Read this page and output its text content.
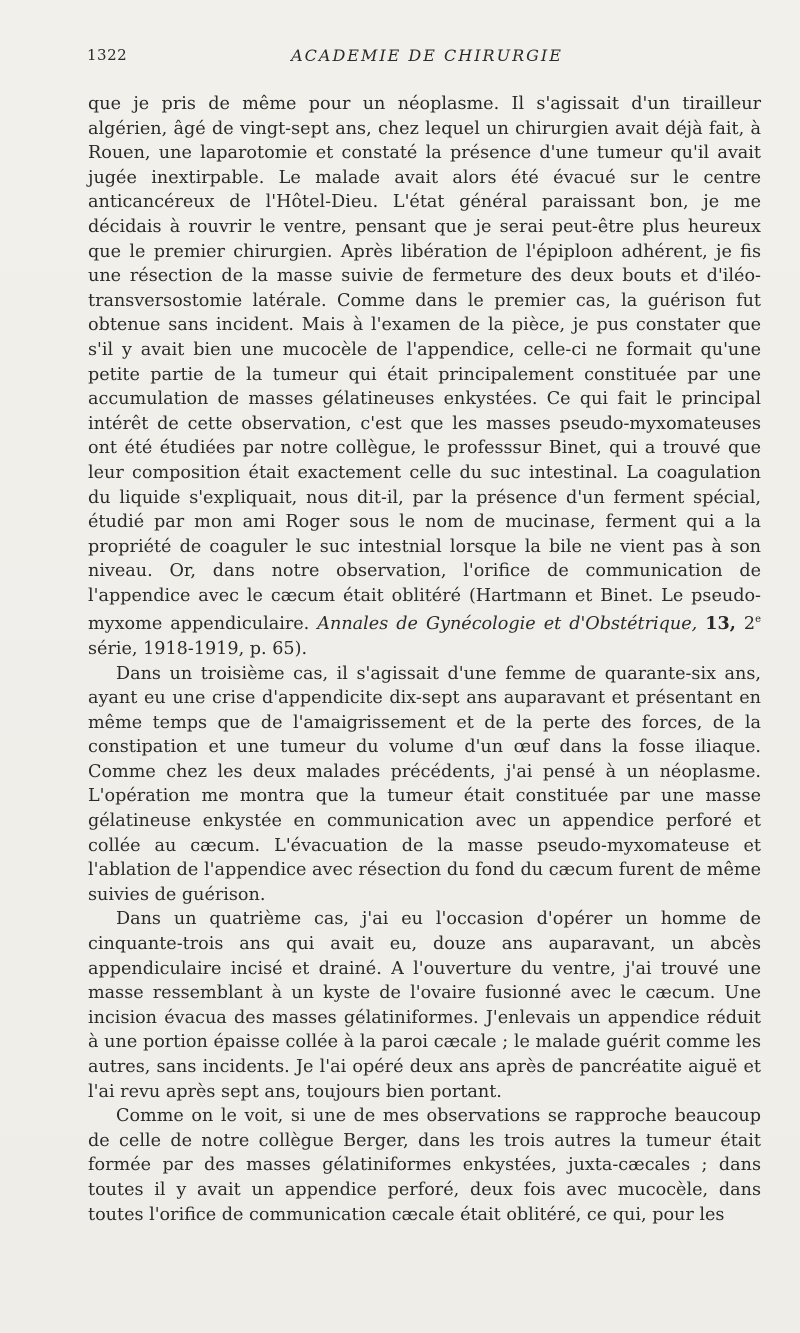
1322	ACADEMIE DE CHIRURGIE

que je pris de même pour un néoplasme. Il s'agissait d'un tirailleur algérien, âgé de vingt-sept ans, chez lequel un chirurgien avait déjà fait, à Rouen, une laparotomie et constaté la présence d'une tumeur qu'il avait jugée inextirpable. Le malade avait alors été évacué sur le centre anticancéreux de l'Hôtel-Dieu. L'état général paraissant bon, je me décidais à rouvrir le ventre, pensant que je serai peut-être plus heureux que le premier chirurgien. Après libération de l'épiploon adhérent, je fis une résection de la masse suivie de fermeture des deux bouts et d'iléo-transversostomie latérale. Comme dans le premier cas, la guérison fut obtenue sans incident. Mais à l'examen de la pièce, je pus constater que s'il y avait bien une mucocèle de l'appendice, celle-ci ne formait qu'une petite partie de la tumeur qui était principalement constituée par une accumulation de masses gélatineuses enkystées. Ce qui fait le principal intérêt de cette observation, c'est que les masses pseudo-myxomateuses ont été étudiées par notre collègue, le professsur Binet, qui a trouvé que leur composition était exactement celle du suc intestinal. La coagulation du liquide s'expliquait, nous dit-il, par la présence d'un ferment spécial, étudié par mon ami Roger sous le nom de mucinase, ferment qui a la propriété de coaguler le suc intestnial lorsque la bile ne vient pas à son niveau. Or, dans notre observation, l'orifice de communication de l'appendice avec le cæcum était oblitéré (Hartmann et Binet. Le pseudo-myxome appendiculaire. Annales de Gynécologie et d'Obstétrique, 13, 2e série, 1918-1919, p. 65).

Dans un troisième cas, il s'agissait d'une femme de quarante-six ans, ayant eu une crise d'appendicite dix-sept ans auparavant et présentant en même temps que de l'amaigrissement et de la perte des forces, de la constipation et une tumeur du volume d'un œuf dans la fosse iliaque. Comme chez les deux malades précédents, j'ai pensé à un néoplasme. L'opération me montra que la tumeur était constituée par une masse gélatineuse enkystée en communication avec un appendice perforé et collée au cæcum. L'évacuation de la masse pseudo-myxomateuse et l'ablation de l'appendice avec résection du fond du cæcum furent de même suivies de guérison.

Dans un quatrième cas, j'ai eu l'occasion d'opérer un homme de cinquante-trois ans qui avait eu, douze ans auparavant, un abcès appendiculaire incisé et drainé. A l'ouverture du ventre, j'ai trouvé une masse ressemblant à un kyste de l'ovaire fusionné avec le cæcum. Une incision évacua des masses gélatiniformes. J'enlevais un appendice réduit à une portion épaisse collée à la paroi cæcale ; le malade guérit comme les autres, sans incidents. Je l'ai opéré deux ans après de pancréatite aiguë et l'ai revu après sept ans, toujours bien portant.

Comme on le voit, si une de mes observations se rapproche beaucoup de celle de notre collègue Berger, dans les trois autres la tumeur était formée par des masses gélatiniformes enkystées, juxta-cæcales ; dans toutes il y avait un appendice perforé, deux fois avec mucocèle, dans toutes l'orifice de communication cæcale était oblitéré, ce qui, pour les
